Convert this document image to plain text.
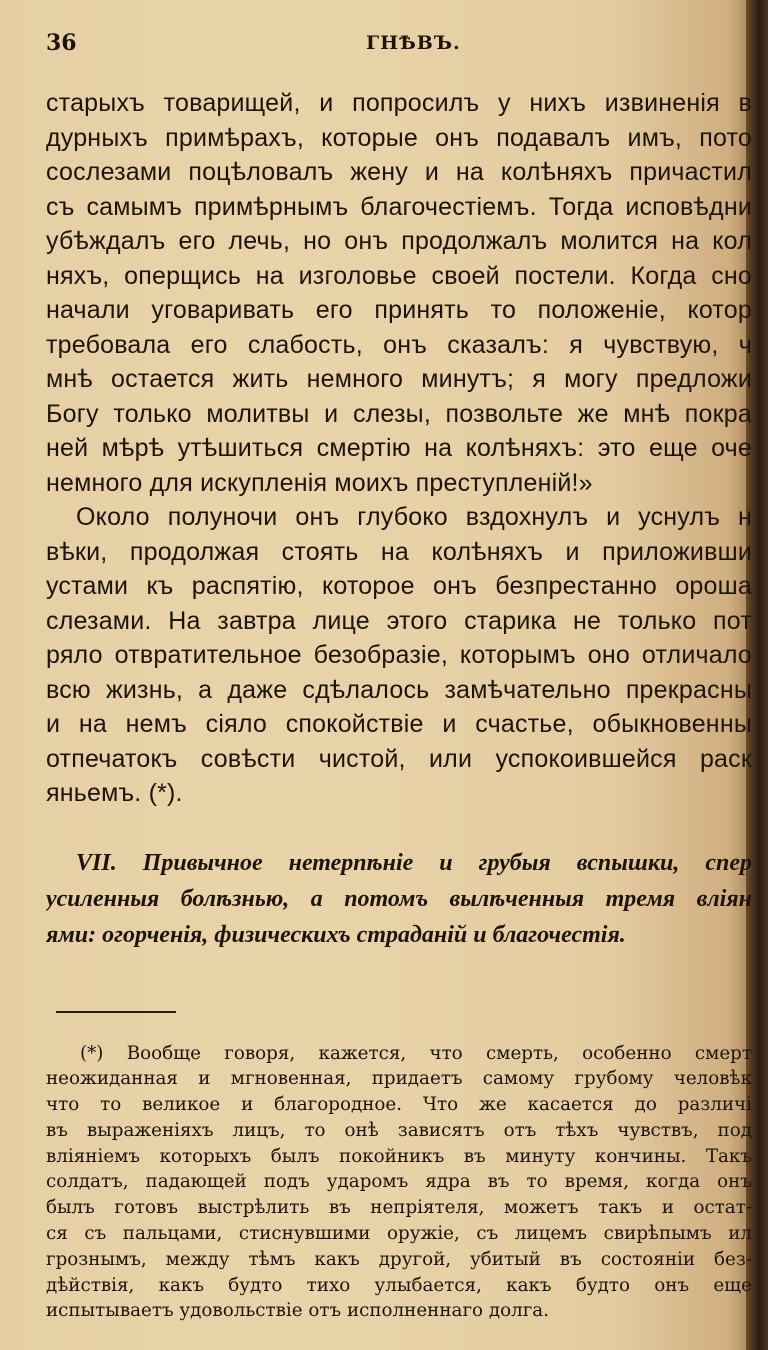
36	ГНѢВЪ.
старыхъ товарищей, и попросилъ у нихъ извиненія в
дурныхъ примѣрахъ, которые онъ подавалъ имъ, пото
сослезами поцѣловалъ жену и на колѣняхъ причастил
съ самымъ примѣрнымъ благочестіемъ. Тогда исповѣдни
убѣждалъ его лечь, но онъ продолжалъ молится на кол
няхъ, оперщись на изголовье своей постели. Когда сно
начали уговаривать его принять то положеніе, котор
требовала его слабость, онъ сказалъ: я чувствую, ч
мнѣ остается жить немного минутъ; я могу предложи
Богу только молитвы и слезы, позвольте же мнѣ покра
ней мѣрѣ утѣшиться смертію на колѣняхъ: это еще оче
немного для искупленія моихъ преступленій!»
Около полуночи онъ глубоко вздохнулъ и уснулъ н
вѣки, продолжая стоять на колѣняхъ и приложивши
устами къ распятію, которое онъ безпрестанно ороша
слезами. На завтра лице этого старика не только пот
ряло отвратительное безобразіе, которымъ оно отличало
всю жизнь, а даже сдѣлалось замѣчательно прекрасны
и на немъ сіяло спокойствіе и счастье, обыкновенны
отпечатокъ совѣсти чистой, или успокоившейся раск
яньемъ. (*).
VII. Привычное нетерпѣніе и грубыя вспышки, спер
усиленныя болѣзнью, а потомъ вылѣченныя тремя вліян
ями: огорченія, физическихъ страданій и благочестія.
(*) Вообще говоря, кажется, что смерть, особенно смерт
неожиданная и мгновенная, придаетъ самому грубому человѣк
что то великое и благородное. Что же касается до различі
въ выраженіяхъ лицъ, то онѣ зависятъ отъ тѣхъ чувствъ, под
вліяніемъ которыхъ былъ покойникъ въ минуту кончины. Такъ
солдатъ, падающей подъ ударомъ ядра въ то время, когда онъ
былъ готовъ выстрѣлить въ непріятеля, можетъ такъ и остат-
ся съ пальцами, стиснувшими оружіе, съ лицемъ свирѣпымъ ил
грознымъ, между тѣмъ какъ другой, убитый въ состояніи без-
дѣйствія, какъ будто тихо улыбается, какъ будто онъ еще
испытываетъ удовольствіе отъ исполненнаго долга.
